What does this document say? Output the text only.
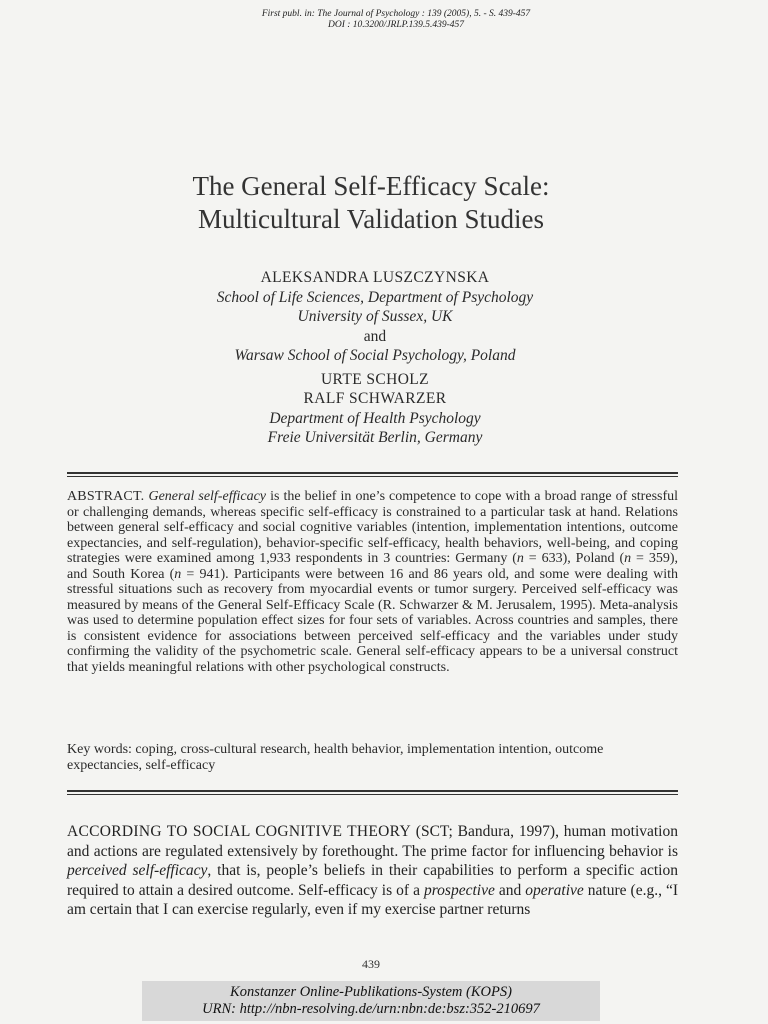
First publ. in: The Journal of Psychology : 139 (2005), 5. - S. 439-457
DOI : 10.3200/JRLP.139.5.439-457
The General Self-Efficacy Scale:
Multicultural Validation Studies
ALEKSANDRA LUSZCZYNSKA
School of Life Sciences, Department of Psychology
University of Sussex, UK
and
Warsaw School of Social Psychology, Poland
URTE SCHOLZ
RALF SCHWARZER
Department of Health Psychology
Freie Universität Berlin, Germany
ABSTRACT. General self-efficacy is the belief in one’s competence to cope with a broad range of stressful or challenging demands, whereas specific self-efficacy is constrained to a particular task at hand. Relations between general self-efficacy and social cognitive variables (intention, implementation intentions, outcome expectancies, and self-regulation), behavior-specific self-efficacy, health behaviors, well-being, and coping strategies were examined among 1,933 respondents in 3 countries: Germany (n = 633), Poland (n = 359), and South Korea (n = 941). Participants were between 16 and 86 years old, and some were dealing with stressful situations such as recovery from myocardial events or tumor surgery. Perceived self-efficacy was measured by means of the General Self-Efficacy Scale (R. Schwarzer & M. Jerusalem, 1995). Meta-analysis was used to determine population effect sizes for four sets of variables. Across countries and samples, there is consistent evidence for associations between perceived self-efficacy and the variables under study confirming the validity of the psychometric scale. General self-efficacy appears to be a universal construct that yields meaningful relations with other psychological constructs.
Key words: coping, cross-cultural research, health behavior, implementation intention, outcome expectancies, self-efficacy
ACCORDING TO SOCIAL COGNITIVE THEORY (SCT; Bandura, 1997), human motivation and actions are regulated extensively by forethought. The prime factor for influencing behavior is perceived self-efficacy, that is, people’s beliefs in their capabilities to perform a specific action required to attain a desired outcome. Self-efficacy is of a prospective and operative nature (e.g., “I am certain that I can exercise regularly, even if my exercise partner returns
439
Konstanzer Online-Publikations-System (KOPS)
URN: http://nbn-resolving.de/urn:nbn:de:bsz:352-210697
